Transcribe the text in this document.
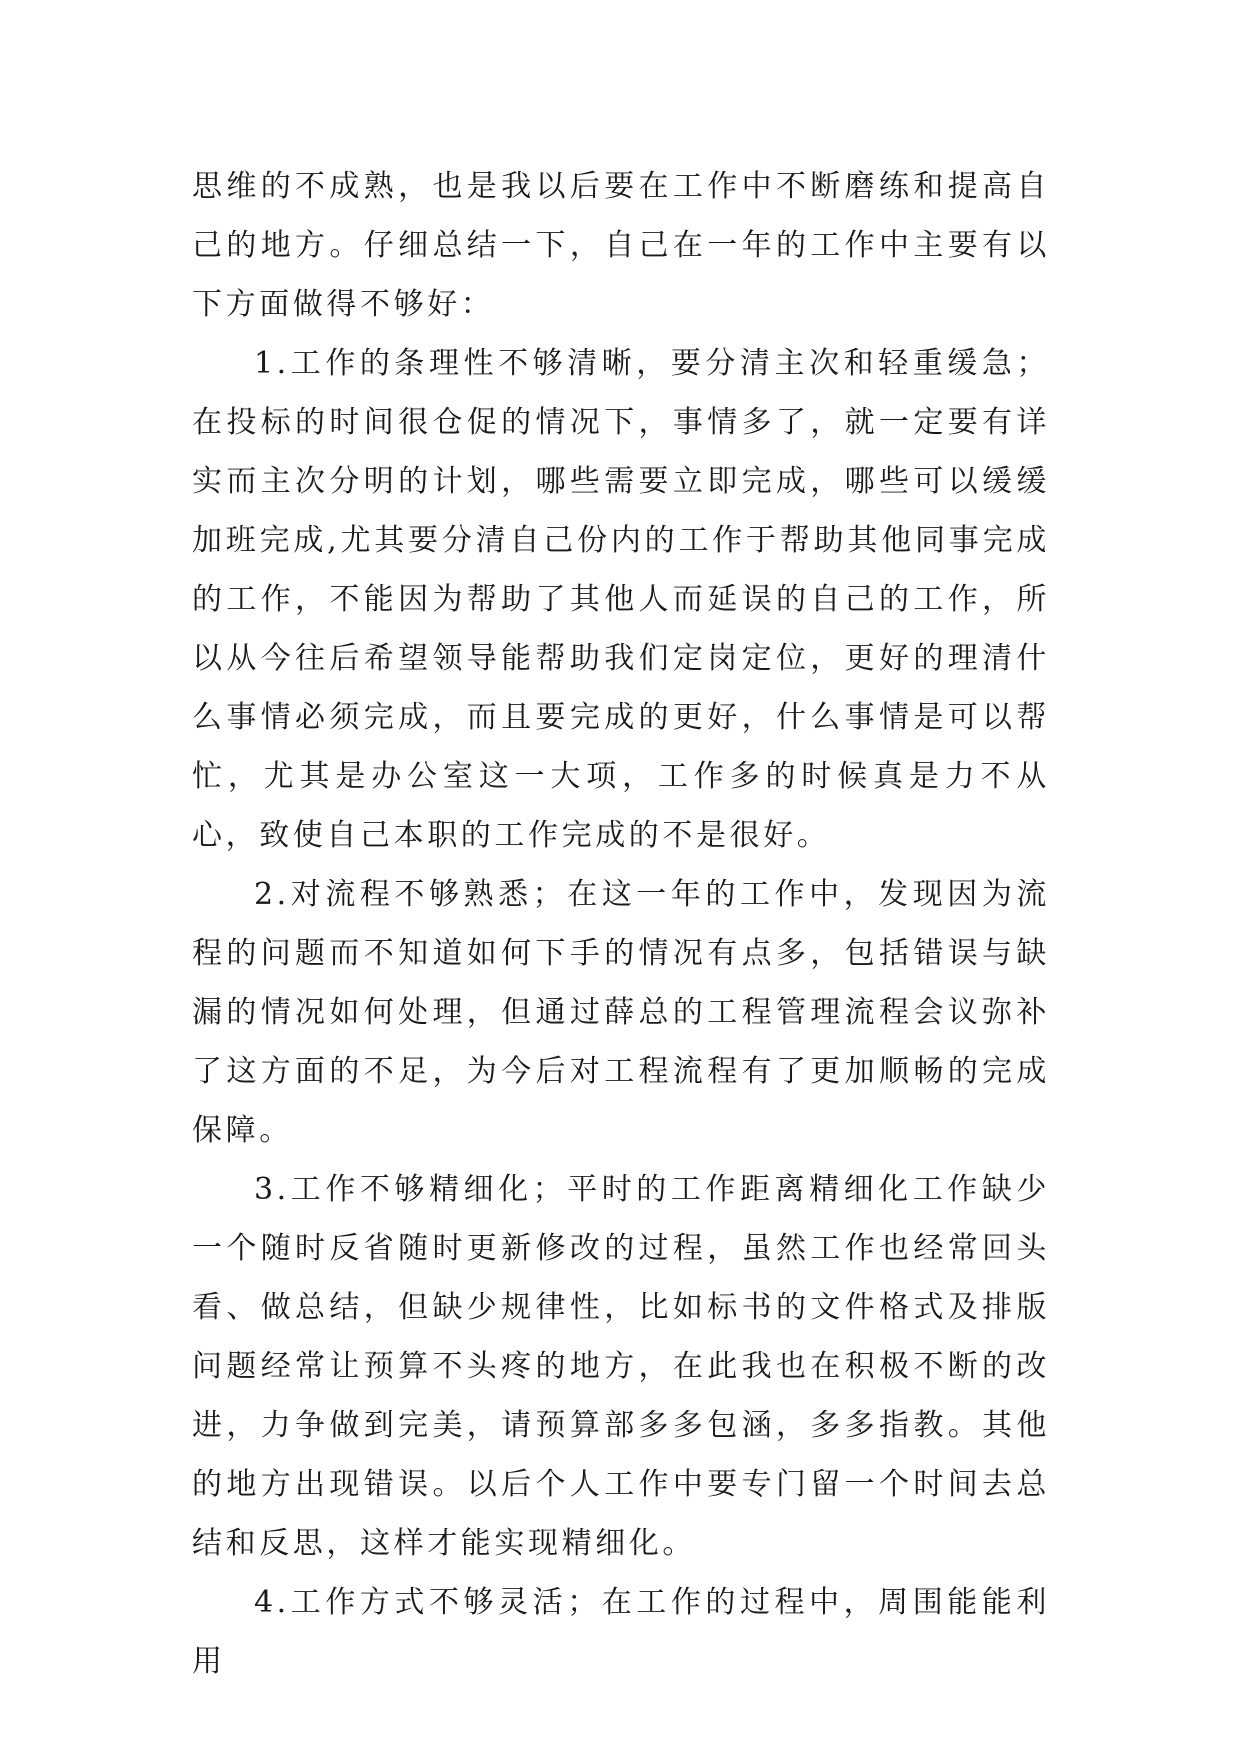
思维的不成熟，也是我以后要在工作中不断磨练和提高自己的地方。仔细总结一下，自己在一年的工作中主要有以下方面做得不够好：

1.工作的条理性不够清晰，要分清主次和轻重缓急；在投标的时间很仓促的情况下，事情多了，就一定要有详实而主次分明的计划，哪些需要立即完成，哪些可以缓缓加班完成,尤其要分清自己份内的工作于帮助其他同事完成的工作，不能因为帮助了其他人而延误的自己的工作，所以从今往后希望领导能帮助我们定岗定位，更好的理清什么事情必须完成，而且要完成的更好，什么事情是可以帮忙，尤其是办公室这一大项，工作多的时候真是力不从心，致使自己本职的工作完成的不是很好。

2.对流程不够熟悉；在这一年的工作中，发现因为流程的问题而不知道如何下手的情况有点多，包括错误与缺漏的情况如何处理，但通过薛总的工程管理流程会议弥补了这方面的不足，为今后对工程流程有了更加顺畅的完成保障。

3.工作不够精细化；平时的工作距离精细化工作缺少一个随时反省随时更新修改的过程，虽然工作也经常回头看、做总结，但缺少规律性，比如标书的文件格式及排版问题经常让预算不头疼的地方，在此我也在积极不断的改进，力争做到完美，请预算部多多包涵，多多指教。其他的地方出现错误。以后个人工作中要专门留一个时间去总结和反思，这样才能实现精细化。

4.工作方式不够灵活；在工作的过程中，周围能能利用
